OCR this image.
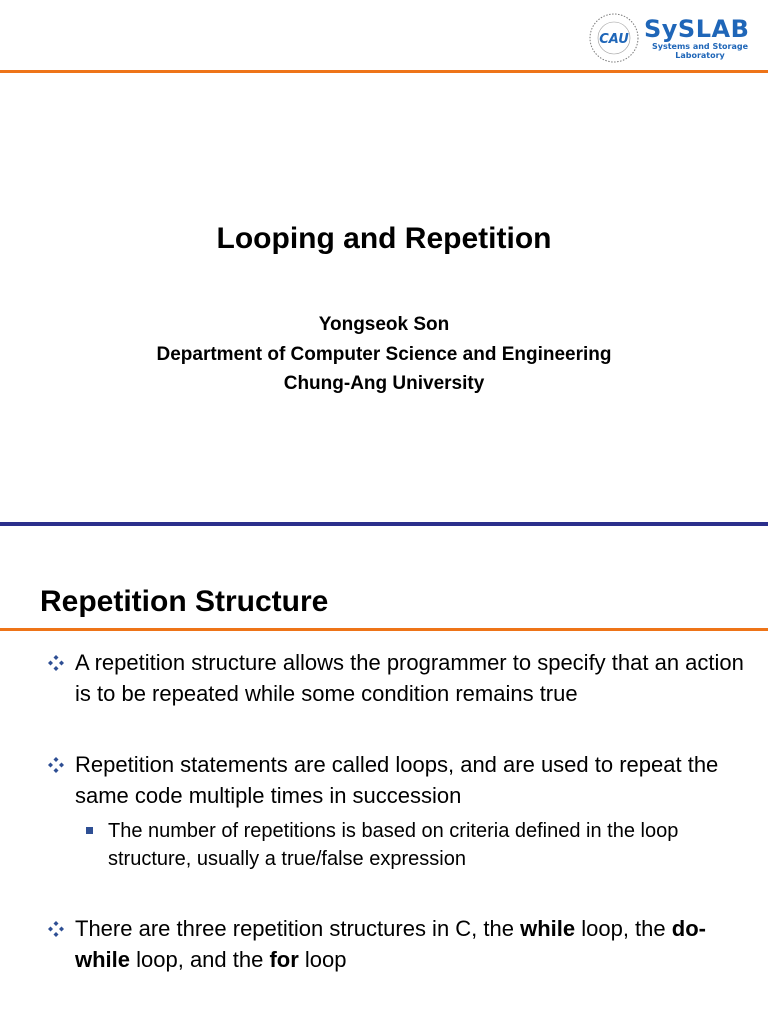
CAU SySLAB
Systems and Storage
Laboratory
Looping and Repetition
Yongseok Son
Department of Computer Science and Engineering
Chung-Ang University
Repetition Structure
A repetition structure allows the programmer to specify that an action is to be repeated while some condition remains true
Repetition statements are called loops, and are used to repeat the same code multiple times in succession
The number of repetitions is based on criteria defined in the loop structure, usually a true/false expression
There are three repetition structures in C, the while loop, the do-while loop, and the for loop
